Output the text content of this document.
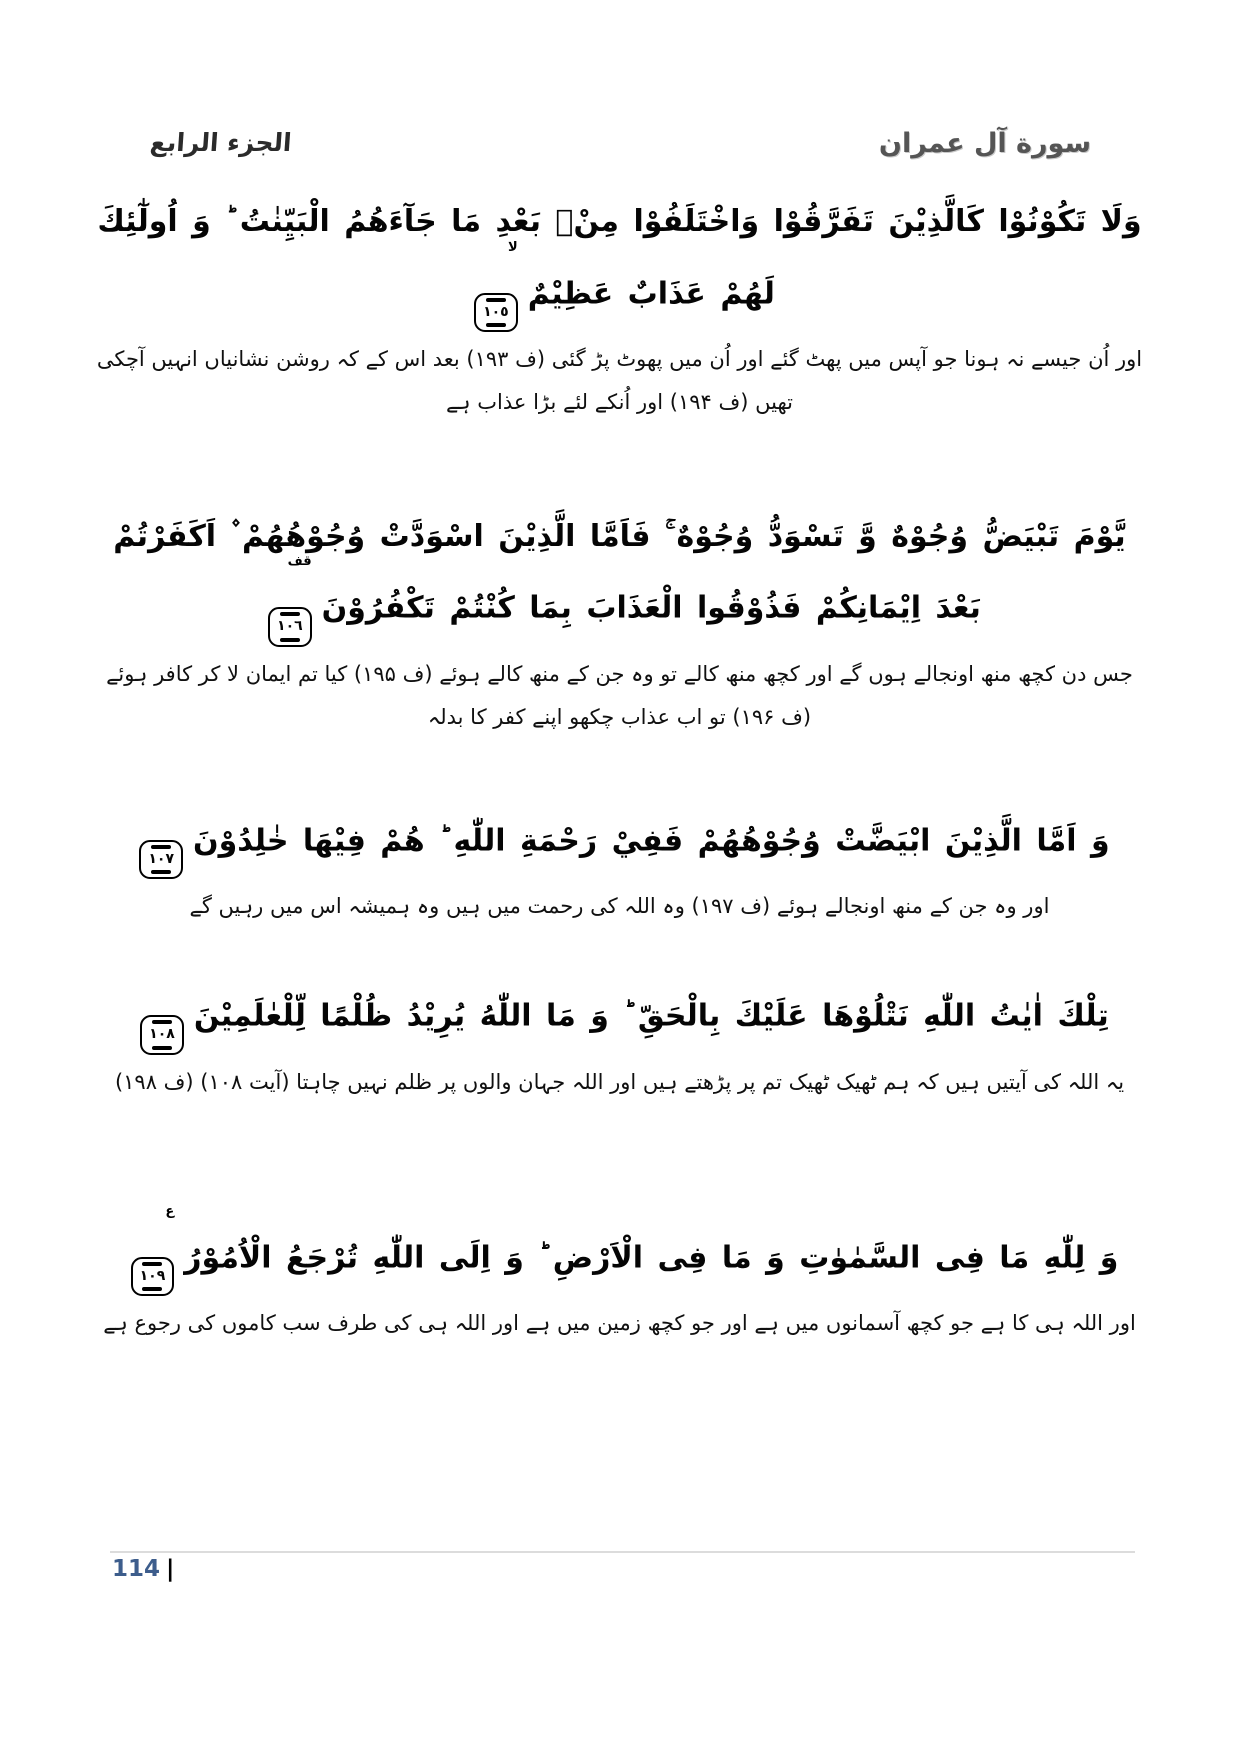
الجزء الرابع	سورة آل عمران
وَلَا تَكُوْنُوْا كَالَّذِيْنَ تَفَرَّقُوْا وَاخْتَلَفُوْا مِنْۢ بَعْدِ مَا جَآءَهُمُ الْبَيِّنٰتُ ؕ وَ اُولٰٓئِكَ لَهُمْ عَذَابٌ عَظِيْمٌ
لا
١٠٥
اور اُن جیسے نہ ہونا جو آپس میں پھٹ گئے اور اُن میں پھوٹ پڑ گئی (ف ۱۹۳) بعد اس کے کہ روشن نشانیاں انہیں آچکی تھیں (ف ۱۹۴) اور اُنکے لئے بڑا عذاب ہے
يَّوْمَ تَبْيَضُّ وُجُوْهٌ وَّ تَسْوَدُّ وُجُوْهٌ ۚ فَاَمَّا الَّذِيْنَ اسْوَدَّتْ وُجُوْهُهُمْ ۫ اَكَفَرْتُمْ بَعْدَ اِيْمَانِكُمْ فَذُوْقُوا الْعَذَابَ بِمَا كُنْتُمْ تَكْفُرُوْنَ
قف
١٠٦
جس دن کچھ منھ اونجالے ہوں گے اور کچھ منھ کالے تو وہ جن کے منھ کالے ہوئے (ف ۱۹۵) کیا تم ایمان لا کر کافر ہوئے (ف ۱۹۶) تو اب عذاب چکھو اپنے کفر کا بدلہ
وَ اَمَّا الَّذِيْنَ ابْيَضَّتْ وُجُوْهُهُمْ فَفِيْ رَحْمَةِ اللّٰهِ ؕ هُمْ فِيْهَا خٰلِدُوْنَ
١٠٧
اور وہ جن کے منھ اونجالے ہوئے (ف ۱۹۷) وہ اللہ کی رحمت میں ہیں وہ ہمیشہ اس میں رہیں گے
تِلْكَ اٰيٰتُ اللّٰهِ نَتْلُوْهَا عَلَيْكَ بِالْحَقِّ ؕ وَ مَا اللّٰهُ يُرِيْدُ ظُلْمًا لِّلْعٰلَمِيْنَ
١٠٨
یہ اللہ کی آیتیں ہیں کہ ہم ٹھیک ٹھیک تم پر پڑھتے ہیں اور اللہ جہان والوں پر ظلم نہیں چاہتا (آیت ۱۰۸) (ف ۱۹۸)
وَ لِلّٰهِ مَا فِى السَّمٰوٰتِ وَ مَا فِى الْاَرْضِ ؕ وَ اِلَى اللّٰهِ تُرْجَعُ الْاُمُوْرُ
ع
١٠٩
اور اللہ ہی کا ہے جو کچھ آسمانوں میں ہے اور جو کچھ زمین میں ہے اور اللہ ہی کی طرف سب کاموں کی رجوع ہے
114 |
